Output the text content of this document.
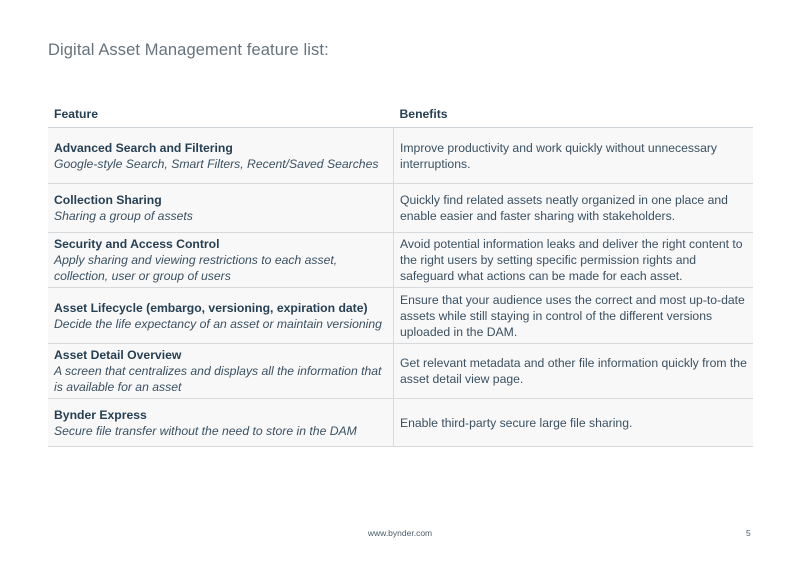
Digital Asset Management feature list:
Feature	Benefits

Advanced Search and Filtering
Google-style Search, Smart Filters, Recent/Saved Searches	Improve productivity and work quickly without unnecessary interruptions.

Collection Sharing
Sharing a group of assets	Quickly find related assets neatly organized in one place and enable easier and faster sharing with stakeholders.

Security and Access Control
Apply sharing and viewing restrictions to each asset, collection, user or group of users	Avoid potential information leaks and deliver the right content to the right users by setting specific permission rights and safeguard what actions can be made for each asset.

Asset Lifecycle (embargo, versioning, expiration date)
Decide the life expectancy of an asset or maintain versioning	Ensure that your audience uses the correct and most up-to-date assets while still staying in control of the different versions uploaded in the DAM.

Asset Detail Overview
A screen that centralizes and displays all the information that is available for an asset	Get relevant metadata and other file information quickly from the asset detail view page.

Bynder Express
Secure file transfer without the need to store in the DAM	Enable third-party secure large file sharing.
www.bynder.com	5
